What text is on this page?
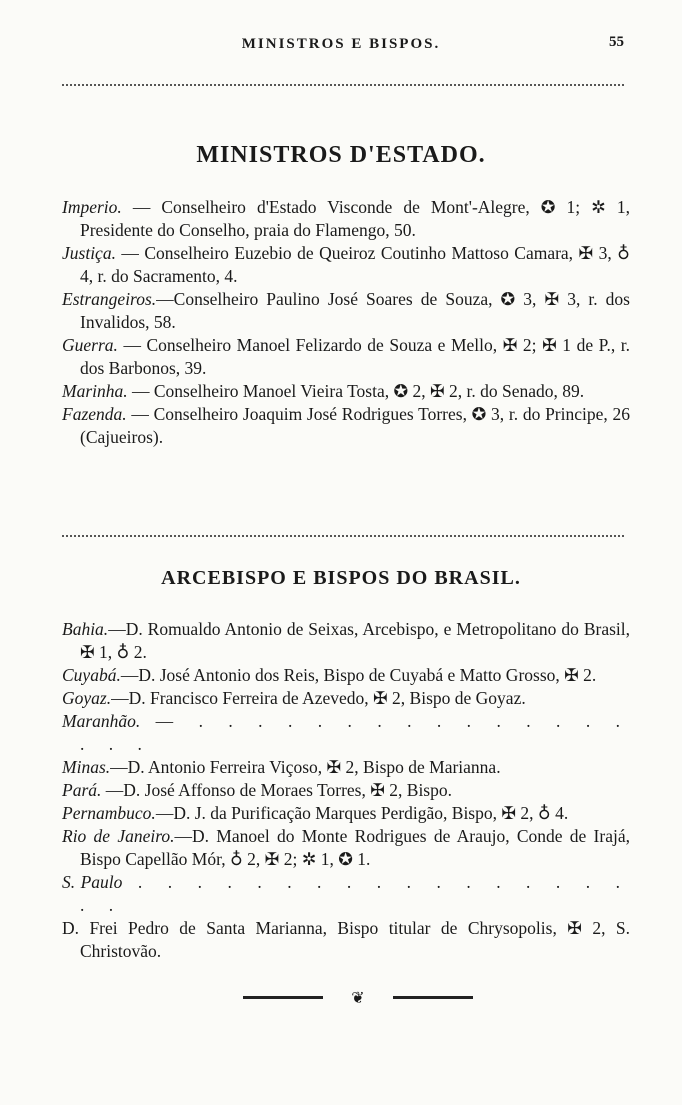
MINISTROS E BISPOS.	55
MINISTROS D'ESTADO.

Imperio. — Conselheiro d'Estado Visconde de Mont'-Alegre, ✪ 1; ✲ 1, Presidente do Conselho, praia do Flamengo, 50.

Justiça. — Conselheiro Euzebio de Queiroz Coutinho Mattoso Camara, ✠ 3, ♁ 4, r. do Sacramento, 4.

Estrangeiros.—Conselheiro Paulino José Soares de Souza, ✪ 3, ✠ 3, r. dos Invalidos, 58.

Guerra. — Conselheiro Manoel Felizardo de Souza e Mello, ✠ 2; ✠ 1 de P., r. dos Barbonos, 39.

Marinha. — Conselheiro Manoel Vieira Tosta, ✪ 2, ✠ 2, r. do Senado, 89.

Fazenda. — Conselheiro Joaquim José Rodrigues Torres, ✪ 3, r. do Principe, 26 (Cajueiros).

ARCEBISPO E BISPOS DO BRASIL.

Bahia.—D. Romualdo Antonio de Seixas, Arcebispo, e Metropolitano do Brasil, ✠ 1, ♁ 2.

Cuyabá.—D. José Antonio dos Reis, Bispo de Cuyabá e Matto Grosso, ✠ 2.

Goyaz.—D. Francisco Ferreira de Azevedo, ✠ 2, Bispo de Goyaz.

Maranhão. — . . . . . . . . . . . . . . . . . .

Minas.—D. Antonio Ferreira Viçoso, ✠ 2, Bispo de Marianna.

Pará. —D. José Affonso de Moraes Torres, ✠ 2, Bispo.

Pernambuco.—D. J. da Purificação Marques Perdigão, Bispo, ✠ 2, ♁ 4.

Rio de Janeiro.—D. Manoel do Monte Rodrigues de Araujo, Conde de Irajá, Bispo Capellão Mór, ♁ 2, ✠ 2; ✲ 1, ✪ 1.

S. Paulo . . . . . . . . . . . . . . . . . . .

D. Frei Pedro de Santa Marianna, Bispo titular de Chrysopolis, ✠ 2, S. Christovão.

❦
